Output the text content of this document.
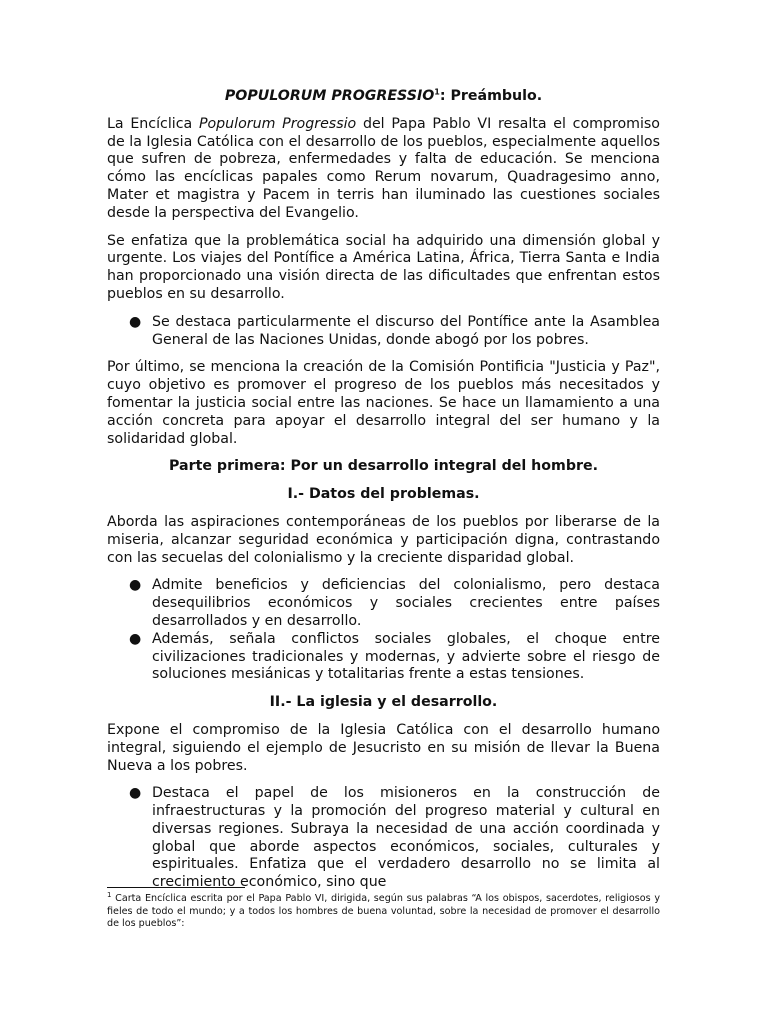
POPULORUM PROGRESSIO$^1$: Preámbulo.

La Encíclica Populorum Progressio del Papa Pablo VI resalta el compromiso de la Iglesia Católica con el desarrollo de los pueblos, especialmente aquellos que sufren de pobreza, enfermedades y falta de educación. Se menciona cómo las encíclicas papales como Rerum novarum, Quadragesimo anno, Mater et magistra y Pacem in terris han iluminado las cuestiones sociales desde la perspectiva del Evangelio.

Se enfatiza que la problemática social ha adquirido una dimensión global y urgente. Los viajes del Pontífice a América Latina, África, Tierra Santa e India han proporcionado una visión directa de las dificultades que enfrentan estos pueblos en su desarrollo.

● Se destaca particularmente el discurso del Pontífice ante la Asamblea General de las Naciones Unidas, donde abogó por los pobres.

Por último, se menciona la creación de la Comisión Pontificia "Justicia y Paz", cuyo objetivo es promover el progreso de los pueblos más necesitados y fomentar la justicia social entre las naciones. Se hace un llamamiento a una acción concreta para apoyar el desarrollo integral del ser humano y la solidaridad global.

Parte primera: Por un desarrollo integral del hombre.
I.- Datos del problemas.

Aborda las aspiraciones contemporáneas de los pueblos por liberarse de la miseria, alcanzar seguridad económica y participación digna, contrastando con las secuelas del colonialismo y la creciente disparidad global.

● Admite beneficios y deficiencias del colonialismo, pero destaca desequilibrios económicos y sociales crecientes entre países desarrollados y en desarrollo.
● Además, señala conflictos sociales globales, el choque entre civilizaciones tradicionales y modernas, y advierte sobre el riesgo de soluciones mesiánicas y totalitarias frente a estas tensiones.
II.- La iglesia y el desarrollo.

Expone el compromiso de la Iglesia Católica con el desarrollo humano integral, siguiendo el ejemplo de Jesucristo en su misión de llevar la Buena Nueva a los pobres.

● Destaca el papel de los misioneros en la construcción de infraestructuras y la promoción del progreso material y cultural en diversas regiones. Subraya la necesidad de una acción coordinada y global que aborde aspectos económicos, sociales, culturales y espirituales. Enfatiza que el verdadero desarrollo no se limita al crecimiento económico, sino que
$^1$ Carta Encíclica escrita por el Papa Pablo VI, dirigida, según sus palabras “A los obispos, sacerdotes, religiosos y fieles de todo el mundo; y a todos los hombres de buena voluntad, sobre la necesidad de promover el desarrollo de los pueblos”:
